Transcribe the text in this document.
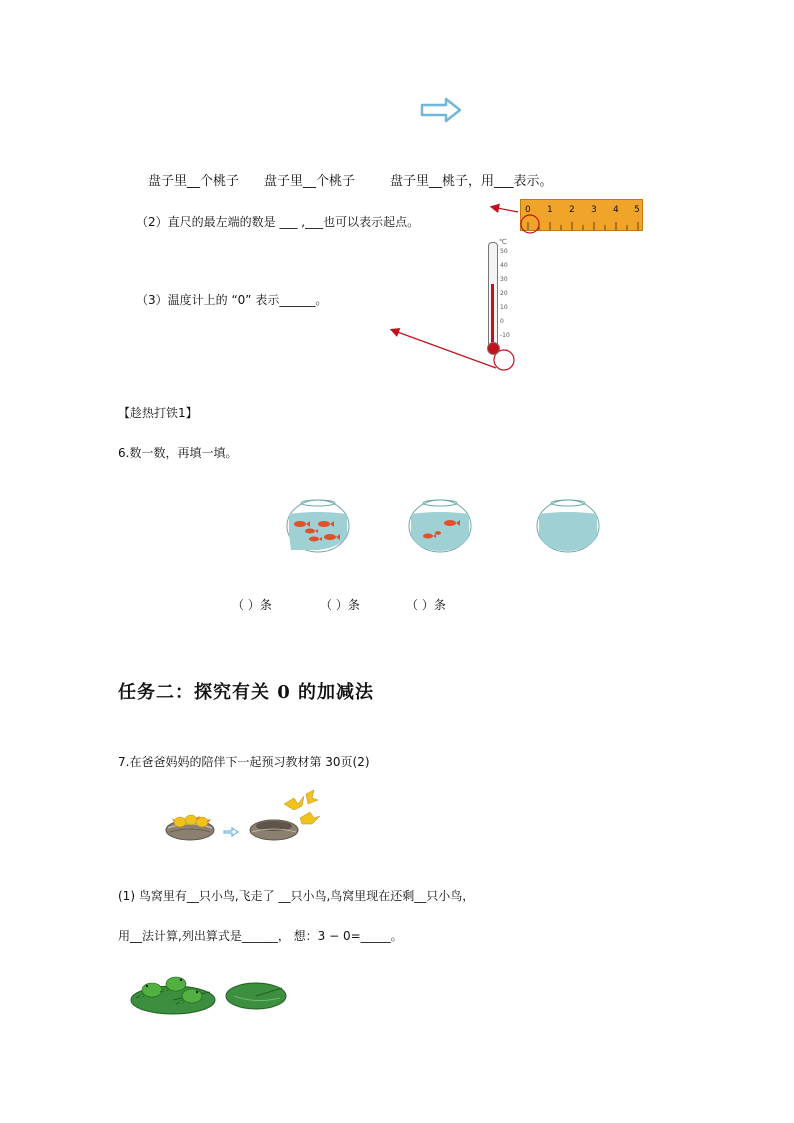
盘子里__个桃子 盘子里__个桃子	盘子里__桃子，用___表示。
（2）直尺的最左端的数是 ___ ,___也可以表示起点。
0 1 2 3 4 5
℃
50
40
30
20
10
0
-10
（3）温度计上的 “0” 表示______。
【趁热打铁1】
6.数一数，再填一填。
（ ）条	（ ）条	（ ）条
任务二：探究有关 0 的加减法
7.在爸爸妈妈的陪伴下一起预习教材第 30页(2)
(1) 鸟窝里有__只小鸟,飞走了 __只小鸟,鸟窝里现在还剩__只小鸟，
用__法计算,列出算式是______， 想：3 − 0=_____。
